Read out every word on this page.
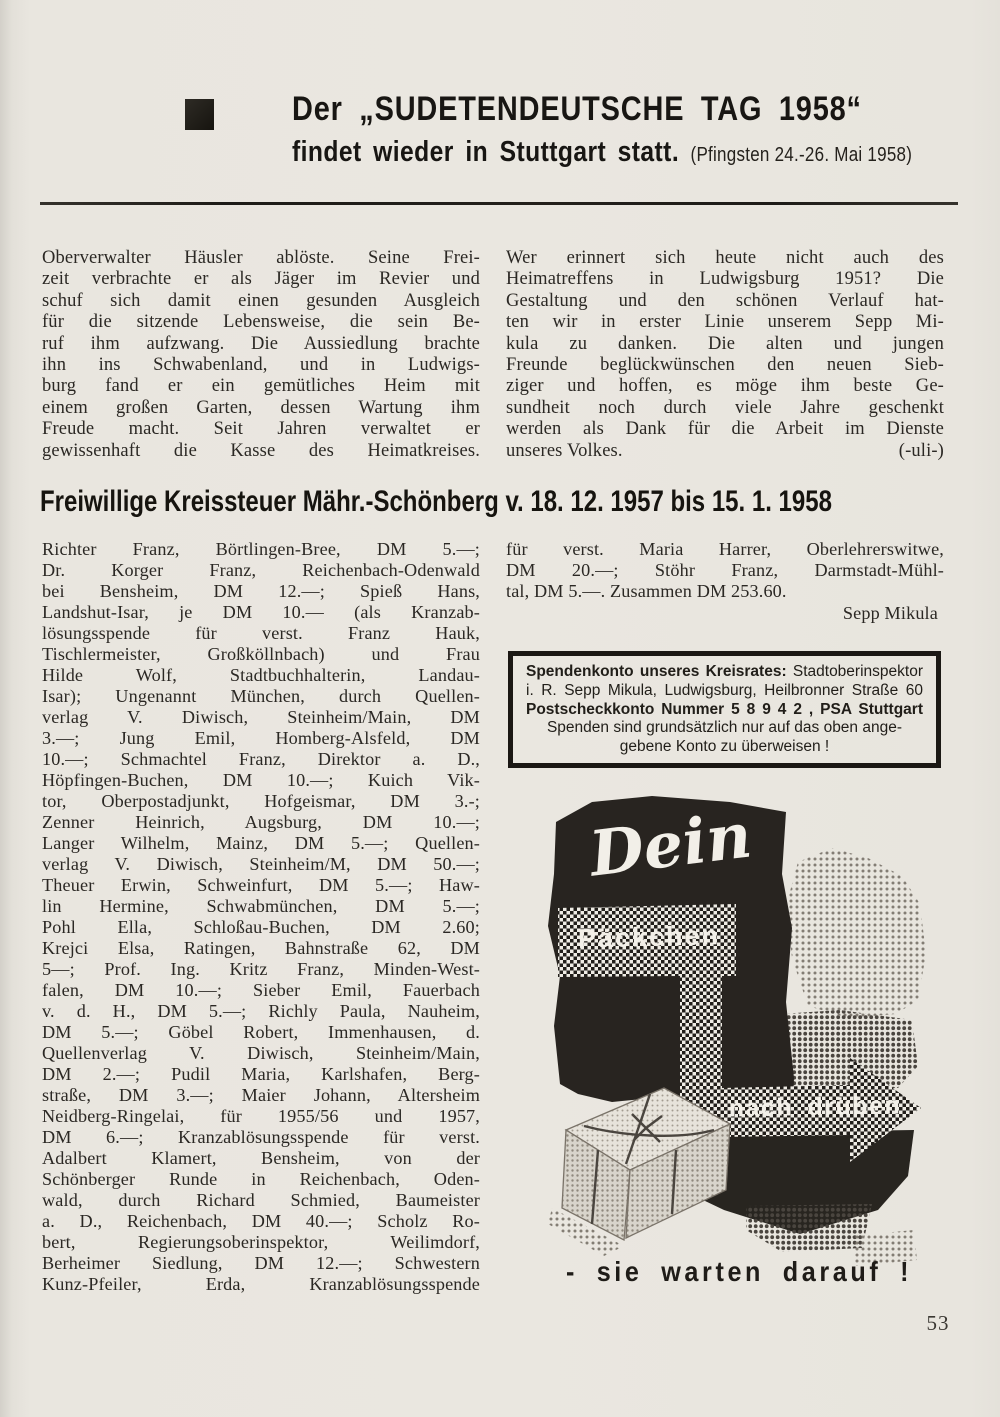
Der „SUDETENDEUTSCHE TAG 1958“
findet wieder in Stuttgart statt. (Pfingsten 24.-26. Mai 1958)
Oberverwalter Häusler ablöste. Seine Frei-
zeit verbrachte er als Jäger im Revier und
schuf sich damit einen gesunden Ausgleich
für die sitzende Lebensweise, die sein Be-
ruf ihm aufzwang. Die Aussiedlung brachte
ihn ins Schwabenland, und in Ludwigs-
burg fand er ein gemütliches Heim mit
einem großen Garten, dessen Wartung ihm
Freude macht. Seit Jahren verwaltet er
gewissenhaft die Kasse des Heimatkreises.
Wer erinnert sich heute nicht auch des
Heimatreffens in Ludwigsburg 1951? Die
Gestaltung und den schönen Verlauf hat-
ten wir in erster Linie unserem Sepp Mi-
kula zu danken. Die alten und jungen
Freunde beglückwünschen den neuen Sieb-
ziger und hoffen, es möge ihm beste Ge-
sundheit noch durch viele Jahre geschenkt
werden als Dank für die Arbeit im Dienste
unseres Volkes.	(-uli-)
Freiwillige Kreissteuer Mähr.-Schönberg v. 18. 12. 1957 bis 15. 1. 1958
Richter Franz, Börtlingen-Bree, DM 5.—;
Dr. Korger Franz, Reichenbach-Odenwald
bei Bensheim, DM 12.—; Spieß Hans,
Landshut-Isar, je DM 10.— (als Kranzab-
lösungsspende für verst. Franz Hauk,
Tischlermeister, Großköllnbach) und Frau
Hilde Wolf, Stadtbuchhalterin, Landau-
Isar); Ungenannt München, durch Quellen-
verlag V. Diwisch, Steinheim/Main, DM
3.—; Jung Emil, Homberg-Alsfeld, DM
10.—; Schmachtel Franz, Direktor a. D.,
Höpfingen-Buchen, DM 10.—; Kuich Vik-
tor, Oberpostadjunkt, Hofgeismar, DM 3.-;
Zenner Heinrich, Augsburg, DM 10.—;
Langer Wilhelm, Mainz, DM 5.—; Quellen-
verlag V. Diwisch, Steinheim/M, DM 50.—;
Theuer Erwin, Schweinfurt, DM 5.—; Haw-
lin Hermine, Schwabmünchen, DM 5.—;
Pohl Ella, Schloßau-Buchen, DM 2.60;
Krejci Elsa, Ratingen, Bahnstraße 62, DM
5—; Prof. Ing. Kritz Franz, Minden-West-
falen, DM 10.—; Sieber Emil, Fauerbach
v. d. H., DM 5.—; Richly Paula, Nauheim,
DM 5.—; Göbel Robert, Immenhausen, d.
Quellenverlag V. Diwisch, Steinheim/Main,
DM 2.—; Pudil Maria, Karlshafen, Berg-
straße, DM 3.—; Maier Johann, Altersheim
Neidberg-Ringelai, für 1955/56 und 1957,
DM 6.—; Kranzablösungsspende für verst.
Adalbert Klamert, Bensheim, von der
Schönberger Runde in Reichenbach, Oden-
wald, durch Richard Schmied, Baumeister
a. D., Reichenbach, DM 40.—; Scholz Ro-
bert, Regierungsoberinspektor, Weilimdorf,
Berheimer Siedlung, DM 12.—; Schwestern
Kunz-Pfeiler, Erda, Kranzablösungsspende
für verst. Maria Harrer, Oberlehrerswitwe,
DM 20.—; Stöhr Franz, Darmstadt-Mühl-
tal, DM 5.—. Zusammen DM 253.60.
Sepp Mikula
Spendenkonto unseres Kreisrates: Stadtoberinspektor
i. R. Sepp Mikula, Ludwigsburg, Heilbronner Straße 60
Postscheckkonto Nummer 5 8 9 4 2 , PSA Stuttgart
Spenden sind grundsätzlich nur auf das oben ange-
gebene Konto zu überweisen !
Dein
Päckchen
nach drüben
- sie warten darauf !
53
